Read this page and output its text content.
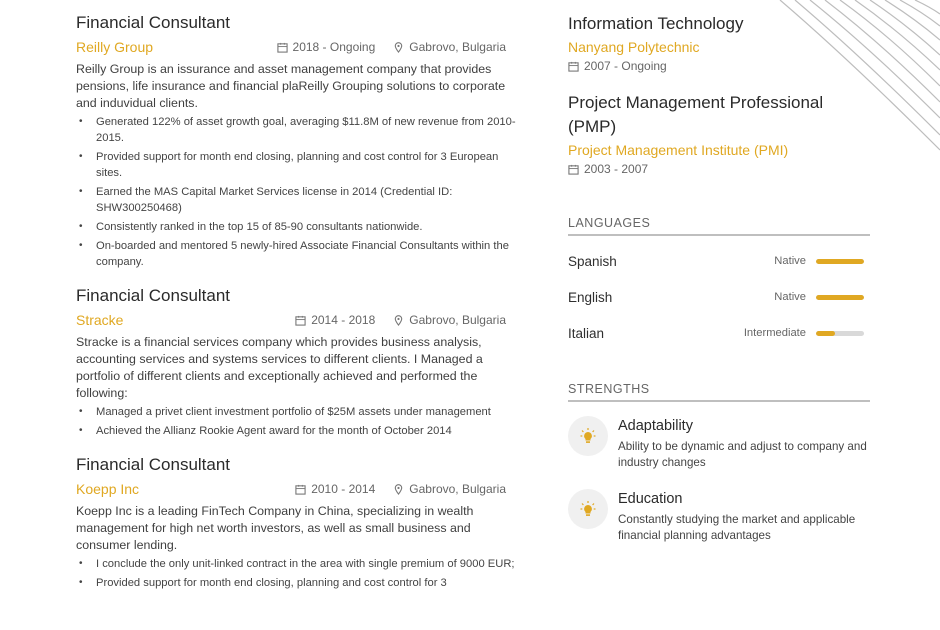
Financial Consultant
Reilly Group	2018 - Ongoing	Gabrovo, Bulgaria
Reilly Group is an issurance and asset management company that provides pensions, life insurance and financial plaReilly Grouping solutions to corporate and induvidual clients.
• Generated 122% of asset growth goal, averaging $11.8M of new revenue from 2010-2015.
• Provided support for month end closing, planning and cost control for 3 European sites.
• Earned the MAS Capital Market Services license in 2014 (Credential ID: SHW300250468)
• Consistently ranked in the top 15 of 85-90 consultants nationwide.
• On-boarded and mentored 5 newly-hired Associate Financial Consultants within the company.
Financial Consultant
Stracke	2014 - 2018	Gabrovo, Bulgaria
Stracke is a financial services company which provides business analysis, accounting services and systems services to different clients. I Managed a portfolio of different clients and exceptionally achieved and performed the following:
• Managed a privet client investment portfolio of $25M assets under management
• Achieved the Allianz Rookie Agent award for the month of October 2014
Financial Consultant
Koepp Inc	2010 - 2014	Gabrovo, Bulgaria
Koepp Inc is a leading FinTech Company in China, specializing in wealth management for high net worth investors, as well as small business and consumer lending.
• I conclude the only unit-linked contract in the area with single premium of 9000 EUR;
• Provided support for month end closing, planning and cost control for 3
Information Technology
Nanyang Polytechnic
2007 - Ongoing
Project Management Professional (PMP)
Project Management Institute (PMI)
2003 - 2007
LANGUAGES
Spanish	Native
English	Native
Italian	Intermediate
STRENGTHS
Adaptability
Ability to be dynamic and adjust to company and industry changes
Education
Constantly studying the market and applicable financial planning advantages
